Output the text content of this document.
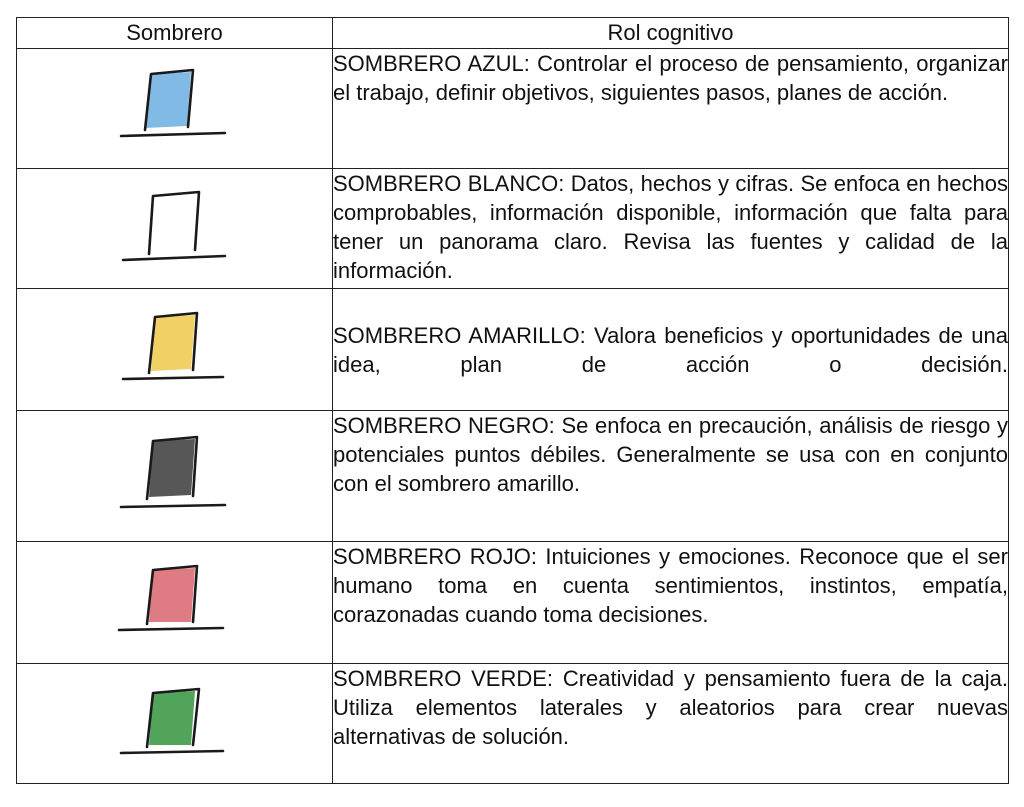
Sombrero	Rol cognitivo

	SOMBRERO AZUL: Controlar el proceso de pensamiento, organizar el trabajo, definir objetivos, siguientes pasos, planes de acción.

	SOMBRERO BLANCO: Datos, hechos y cifras. Se enfoca en hechos comprobables, información disponible, información que falta para tener un panorama claro. Revisa las fuentes y calidad de la información.

	SOMBRERO AMARILLO: Valora beneficios y oportunidades de una idea, plan de acción o decisión.

	SOMBRERO NEGRO: Se enfoca en precaución, análisis de riesgo y potenciales puntos débiles. Generalmente se usa con en conjunto con el sombrero amarillo.

	SOMBRERO ROJO: Intuiciones y emociones. Reconoce que el ser humano toma en cuenta sentimientos, instintos, empatía, corazonadas cuando toma decisiones.

	SOMBRERO VERDE: Creatividad y pensamiento fuera de la caja. Utiliza elementos laterales y aleatorios para crear nuevas alternativas de solución.
